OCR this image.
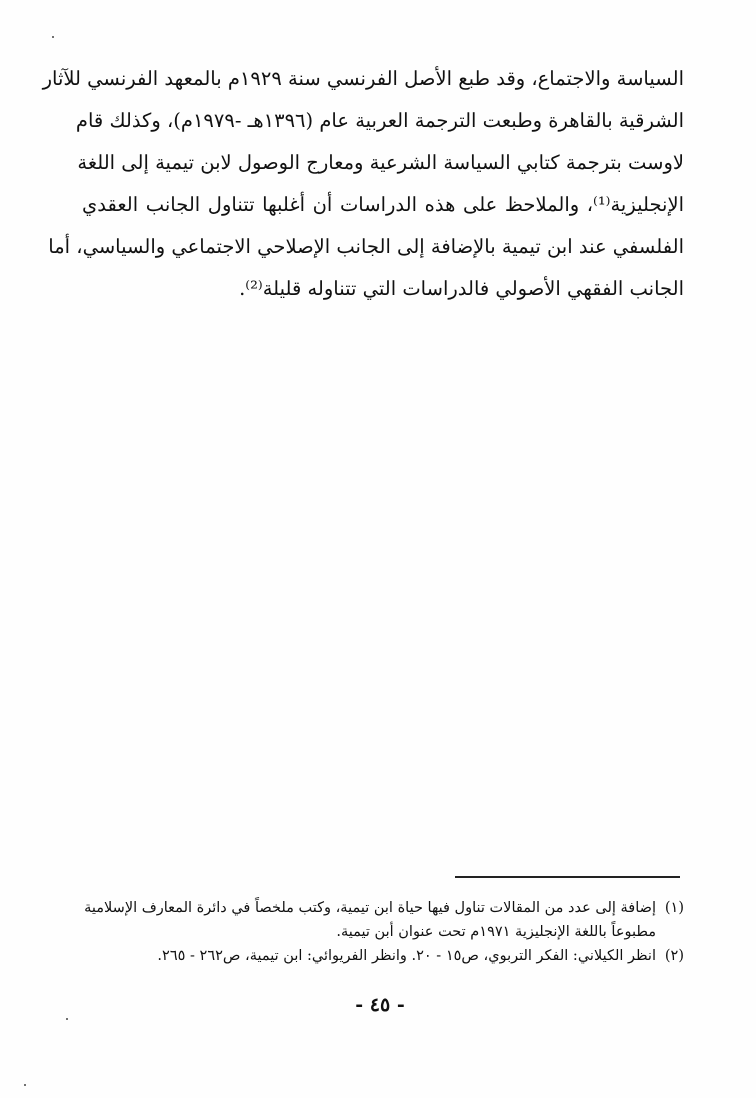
السياسة والاجتماع، وقد طبع الأصل الفرنسي سنة ١٩٢٩م بالمعهد الفرنسي للآثار
الشرقية بالقاهرة وطبعت الترجمة العربية عام (١٣٩٦هـ -١٩٧٩م)، وكذلك قام
لاوست بترجمة كتابي السياسة الشرعية ومعارج الوصول لابن تيمية إلى اللغة
الإنجليزية⁽¹⁾، والملاحظ على هذه الدراسات أن أغلبها تتناول الجانب العقدي
الفلسفي عند ابن تيمية بالإضافة إلى الجانب الإصلاحي الاجتماعي والسياسي، أما
الجانب الفقهي الأصولي فالدراسات التي تتناوله قليلة⁽²⁾.
(١)إضافة إلى عدد من المقالات تناول فيها حياة ابن تيمية، وكتب ملخصاً في دائرة المعارف الإسلامية
مطبوعاً باللغة الإنجليزية ١٩٧١م تحت عنوان أبن تيمية.
(٢)انظر الكيلاني: الفكر التربوي، ص١٥ - ٢٠. وانظر الفريوائي: ابن تيمية، ص٢٦٢ - ٢٦٥.
- ٤٥ -
